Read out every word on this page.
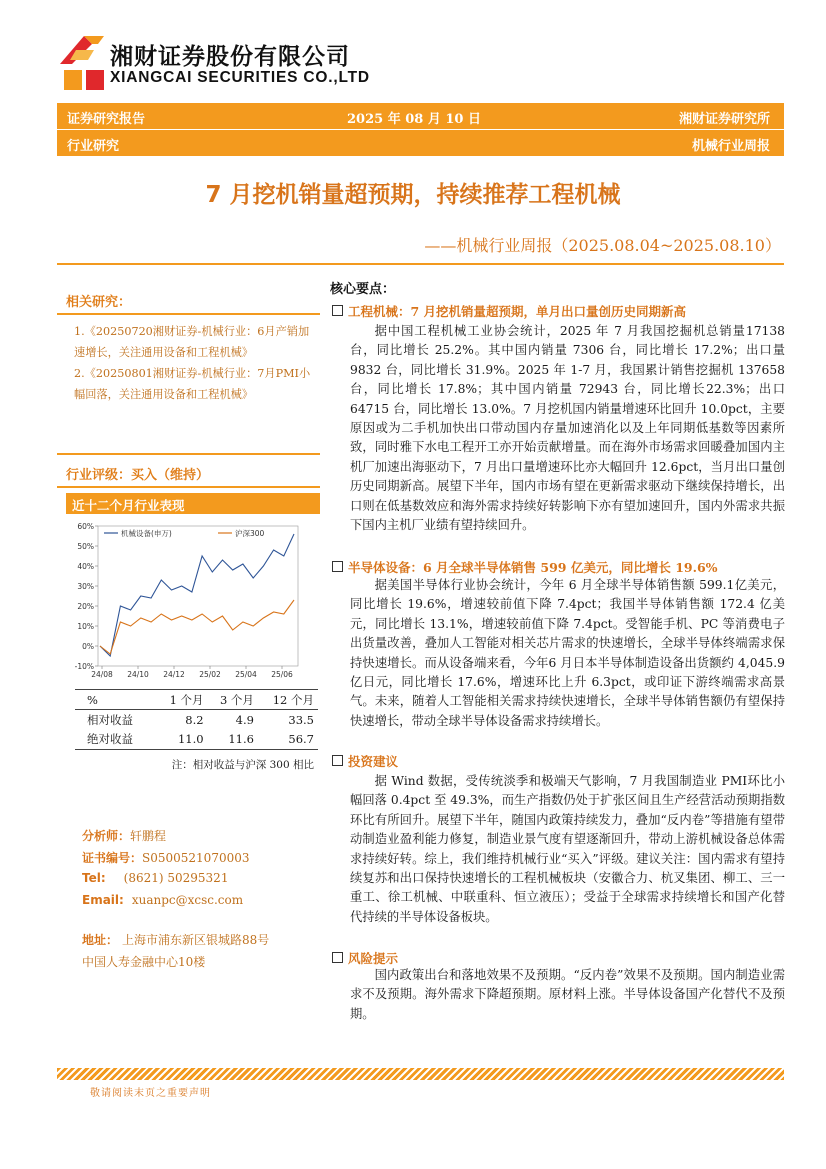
湘财证券股份有限公司
XIANGCAI SECURITIES CO.,LTD
证券研究报告	2025 年 08 月 10 日	湘财证券研究所
行业研究	机械行业周报
7 月挖机销量超预期，持续推荐工程机械
——机械行业周报（2025.08.04~2025.08.10）
相关研究：
1.《20250720湘财证券-机械行业：6月产销加速增长，关注通用设备和工程机械》
2.《20250801湘财证券-机械行业：7月PMI小幅回落，关注通用设备和工程机械》
行业评级：买入（维持）
近十二个月行业表现
-10%
0%
10%
20%
30%
40%
50%
60%
24/08 24/10 24/12 25/02 25/04 25/06
机械设备(申万)	沪深300
%	1 个月	3 个月	12 个月
相对收益	8.2	4.9	33.5
绝对收益	11.0	11.6	56.7
注：相对收益与沪深 300 相比
分析师：轩鹏程
证书编号：S0500521070003
Tel: (8621) 50295321
Email: xuanpc@xcsc.com
地址： 上海市浦东新区银城路88号
中国人寿金融中心10楼
核心要点：
工程机械：7 月挖机销量超预期，单月出口量创历史同期新高
据中国工程机械工业协会统计，2025 年 7 月我国挖掘机总销量17138 台，同比增长 25.2%。其中国内销量 7306 台，同比增长 17.2%；出口量 9832 台，同比增长 31.9%。2025 年 1-7 月，我国累计销售挖掘机 137658 台，同比增长 17.8%；其中国内销量 72943 台，同比增长22.3%；出口 64715 台，同比增长 13.0%。7 月挖机国内销量增速环比回升 10.0pct，主要原因或为二手机加快出口带动国内存量加速消化以及上年同期低基数等因素所致，同时雅下水电工程开工亦开始贡献增量。而在海外市场需求回暖叠加国内主机厂加速出海驱动下，7 月出口量增速环比亦大幅回升 12.6pct，当月出口量创历史同期新高。展望下半年，国内市场有望在更新需求驱动下继续保持增长，出口则在低基数效应和海外需求持续好转影响下亦有望加速回升，国内外需求共振下国内主机厂业绩有望持续回升。
半导体设备：6 月全球半导体销售 599 亿美元，同比增长 19.6%
据美国半导体行业协会统计，今年 6 月全球半导体销售额 599.1亿美元，同比增长 19.6%，增速较前值下降 7.4pct；我国半导体销售额 172.4 亿美元，同比增长 13.1%，增速较前值下降 7.4pct。受智能手机、PC 等消费电子出货量改善，叠加人工智能对相关芯片需求的快速增长，全球半导体终端需求保持快速增长。而从设备端来看，今年6 月日本半导体制造设备出货额约 4,045.9 亿日元，同比增长 17.6%，增速环比上升 6.3pct，或印证下游终端需求高景气。未来，随着人工智能相关需求持续快速增长，全球半导体销售额仍有望保持快速增长，带动全球半导体设备需求持续增长。
投资建议
据 Wind 数据，受传统淡季和极端天气影响，7 月我国制造业 PMI环比小幅回落 0.4pct 至 49.3%，而生产指数仍处于扩张区间且生产经营活动预期指数环比有所回升。展望下半年，随国内政策持续发力，叠加“反内卷”等措施有望带动制造业盈利能力修复，制造业景气度有望逐渐回升，带动上游机械设备总体需求持续好转。综上，我们维持机械行业“买入”评级。建议关注：国内需求有望持续复苏和出口保持快速增长的工程机械板块（安徽合力、杭叉集团、柳工、三一重工、徐工机械、中联重科、恒立液压）；受益于全球需求持续增长和国产化替代持续的半导体设备板块。
风险提示
国内政策出台和落地效果不及预期。“反内卷”效果不及预期。国内制造业需求不及预期。海外需求下降超预期。原材料上涨。半导体设备国产化替代不及预期。
敬请阅读末页之重要声明
